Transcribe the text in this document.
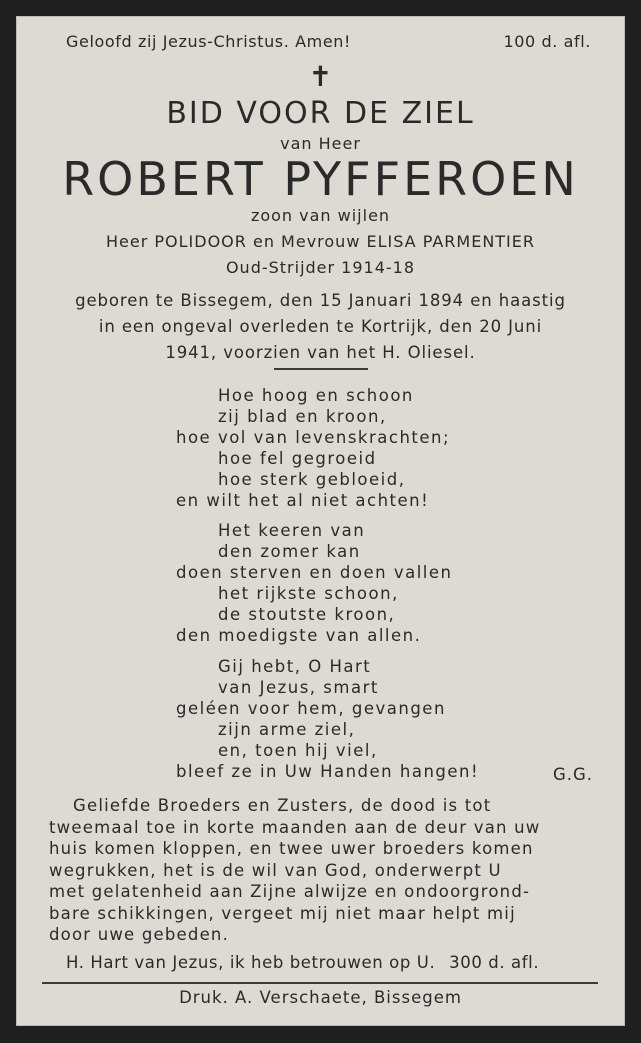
Geloofd zij Jezus-Christus. Amen!	100 d. afl.
✝
BID VOOR DE ZIEL
van Heer
ROBERT PYFFEROEN
zoon van wijlen
Heer POLIDOOR en Mevrouw ELISA PARMENTIER
Oud-Strijder 1914-18
geboren te Bissegem, den 15 Januari 1894 en haastig
in een ongeval overleden te Kortrijk, den 20 Juni
1941, voorzien van het H. Oliesel.
Hoe hoog en schoon
zij blad en kroon,
hoe vol van levenskrachten;
hoe fel gegroeid
hoe sterk gebloeid,
en wilt het al niet achten!
Het keeren van
den zomer kan
doen sterven en doen vallen
het rijkste schoon,
de stoutste kroon,
den moedigste van allen.
Gij hebt, O Hart
van Jezus, smart
geléen voor hem, gevangen
zijn arme ziel,
en, toen hij viel,
bleef ze in Uw Handen hangen!	G.G.
Geliefde Broeders en Zusters, de dood is tot
tweemaal toe in korte maanden aan de deur van uw
huis komen kloppen, en twee uwer broeders komen
wegrukken, het is de wil van God, onderwerpt U
met gelatenheid aan Zijne alwijze en ondoorgrond-
bare schikkingen, vergeet mij niet maar helpt mij
door uwe gebeden.
H. Hart van Jezus, ik heb betrouwen op U. 300 d. afl.
Druk. A. Verschaete, Bissegem
